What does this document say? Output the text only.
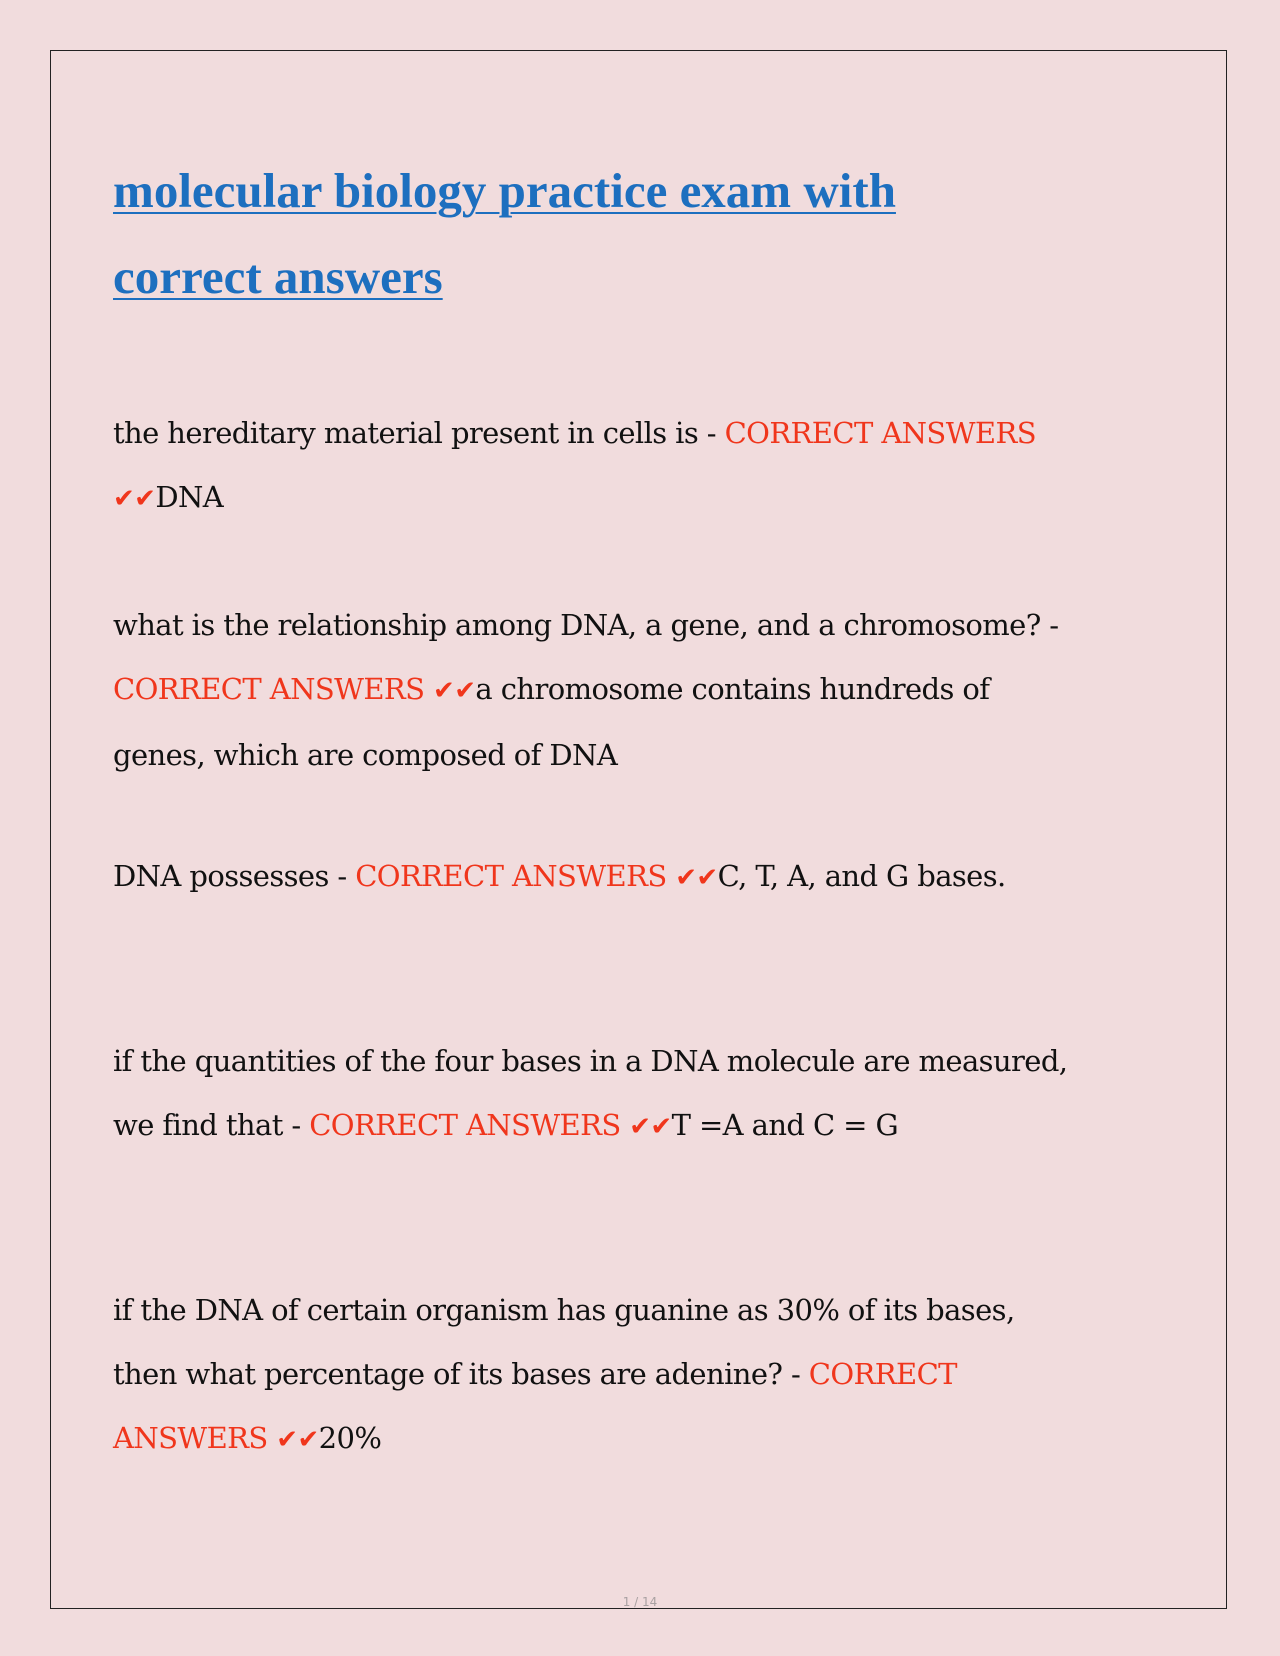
molecular biology practice exam with correct answers

the hereditary material present in cells is - CORRECT ANSWERS ✔✔DNA

what is the relationship among DNA, a gene, and a chromosome? - CORRECT ANSWERS ✔✔a chromosome contains hundreds of genes, which are composed of DNA

DNA possesses - CORRECT ANSWERS ✔✔C, T, A, and G bases.

if the quantities of the four bases in a DNA molecule are measured, we find that - CORRECT ANSWERS ✔✔T =A and C = G

if the DNA of certain organism has guanine as 30% of its bases, then what percentage of its bases are adenine? - CORRECT ANSWERS ✔✔20%

1 / 14
